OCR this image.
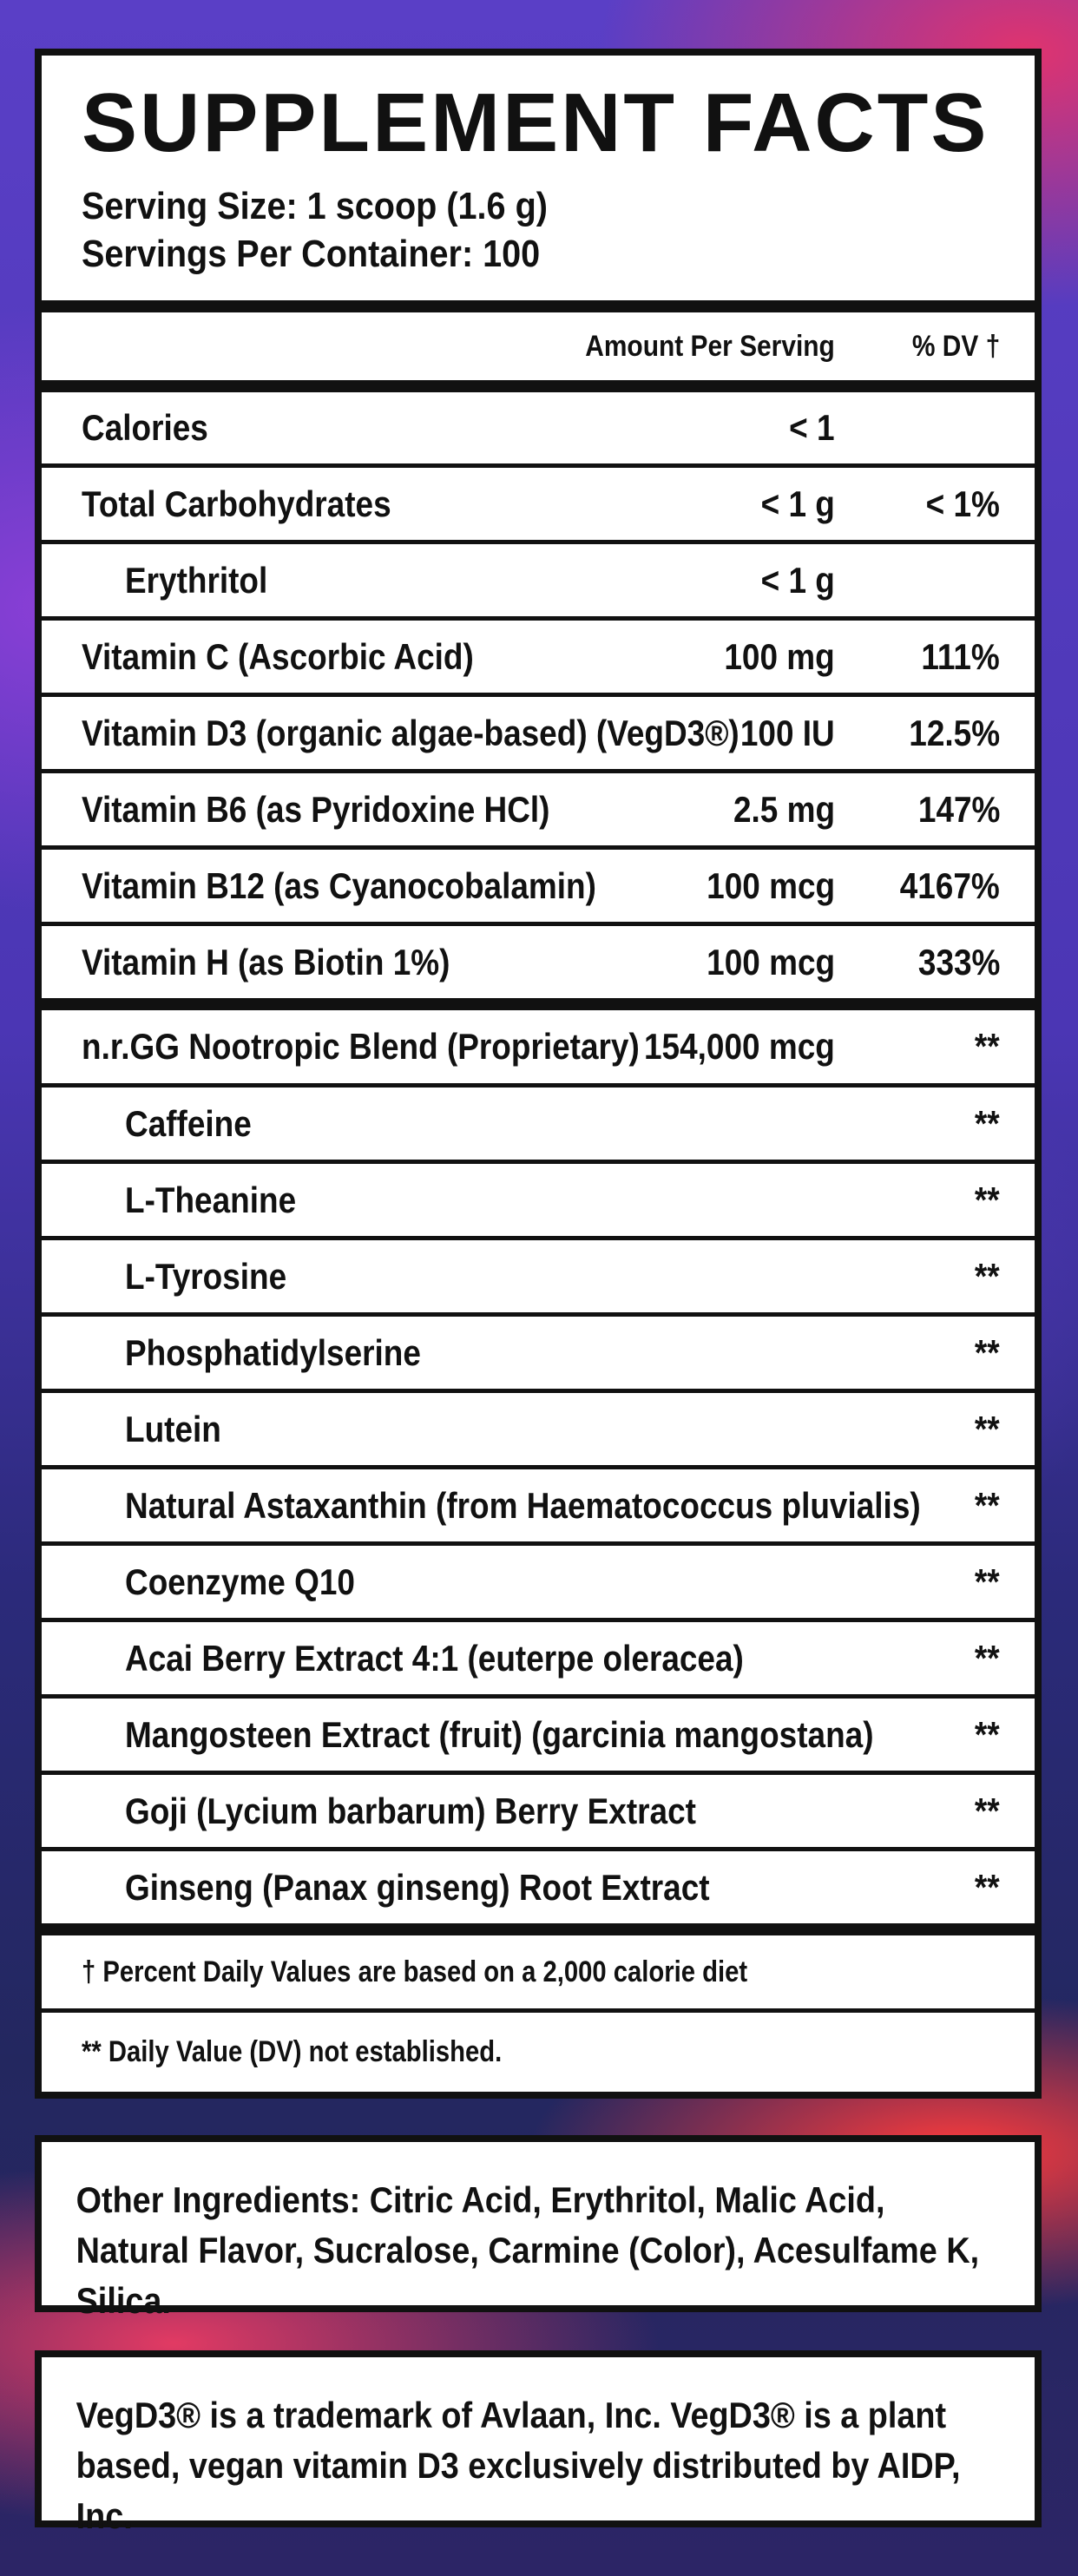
SUPPLEMENT FACTS
Serving Size: 1 scoop (1.6 g)
Servings Per Container: 100
Amount Per Serving	% DV †
Calories	< 1
Total Carbohydrates	< 1 g < 1%
Erythritol	< 1 g
Vitamin C (Ascorbic Acid)	100 mg 111%
Vitamin D3 (organic algae-based) (VegD3®) 100 IU 12.5%
Vitamin B6 (as Pyridoxine HCl)	2.5 mg 147%
Vitamin B12 (as Cyanocobalamin)	100 mcg 4167%
Vitamin H (as Biotin 1%)	100 mcg 333%
n.r.GG Nootropic Blend (Proprietary) 154,000 mcg	**
Caffeine	**
L-Theanine	**
L-Tyrosine	**
Phosphatidylserine	**
Lutein	**
Natural Astaxanthin (from Haematococcus pluvialis) **
Coenzyme Q10	**
Acai Berry Extract 4:1 (euterpe oleracea)	**
Mangosteen Extract (fruit) (garcinia mangostana)	**
Goji (Lycium barbarum) Berry Extract	**
Ginseng (Panax ginseng) Root Extract	**
† Percent Daily Values are based on a 2,000 calorie diet
** Daily Value (DV) not established.

Other Ingredients: Citric Acid, Erythritol, Malic Acid, Natural Flavor, Sucralose, Carmine (Color), Acesulfame K, Silica.

VegD3® is a trademark of Avlaan, Inc. VegD3® is a plant based, vegan vitamin D3 exclusively distributed by AIDP, Inc.
